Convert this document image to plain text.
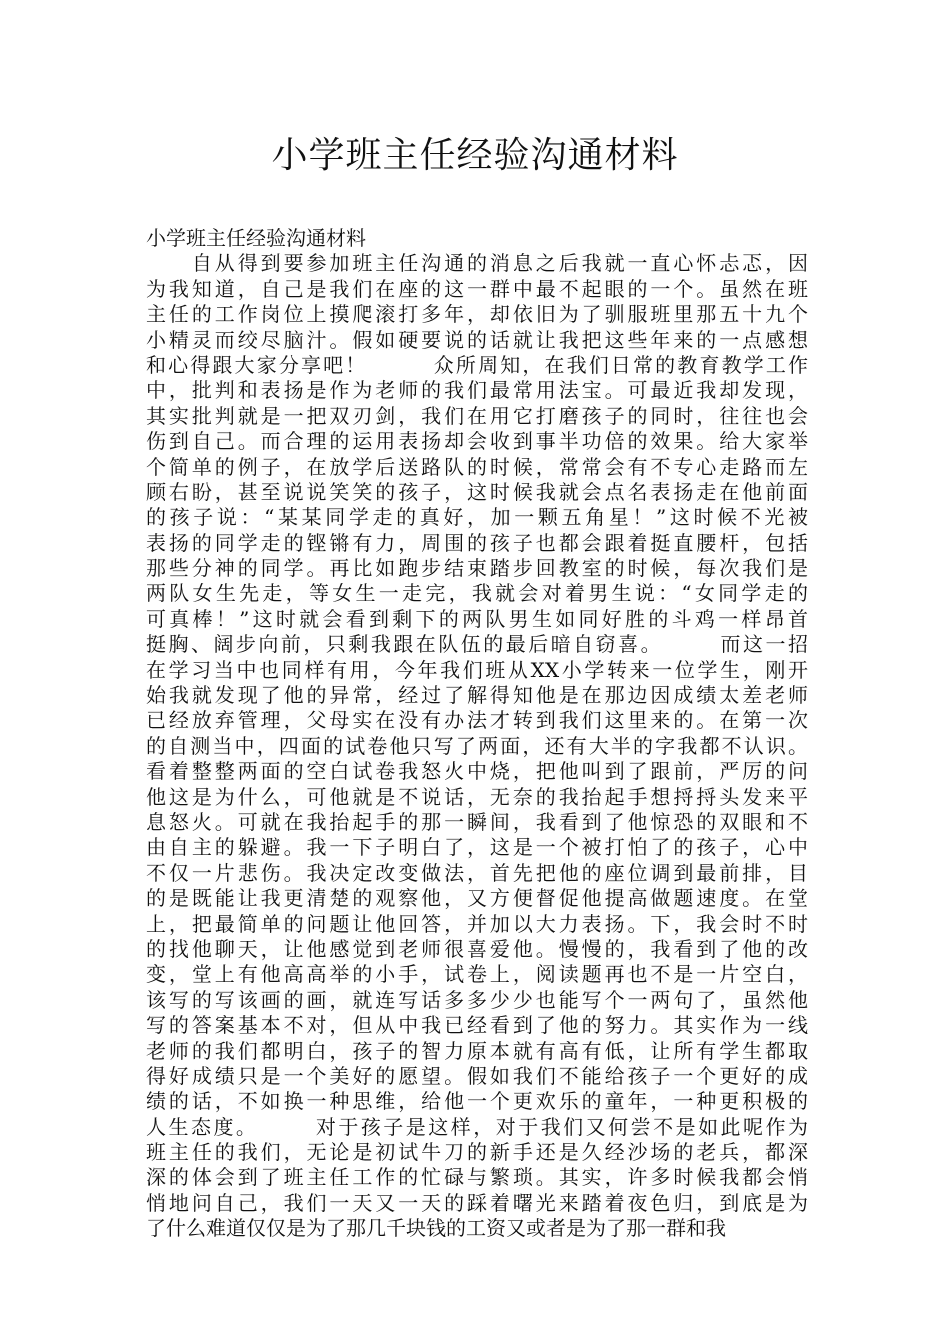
小学班主任经验沟通材料
小学班主任经验沟通材料
　　自从得到要参加班主任沟通的消息之后我就一直心怀忐忑，因
为我知道，自己是我们在座的这一群中最不起眼的一个。虽然在班
主任的工作岗位上摸爬滚打多年，却依旧为了驯服班里那五十九个
小精灵而绞尽脑汁。假如硬要说的话就让我把这些年来的一点感想
和心得跟大家分享吧！　　　众所周知，在我们日常的教育教学工作
中，批判和表扬是作为老师的我们最常用法宝。可最近我却发现，
其实批判就是一把双刃剑，我们在用它打磨孩子的同时，往往也会
伤到自己。而合理的运用表扬却会收到事半功倍的效果。给大家举
个简单的例子，在放学后送路队的时候，常常会有不专心走路而左
顾右盼，甚至说说笑笑的孩子，这时候我就会点名表扬走在他前面
的孩子说：“某某同学走的真好，加一颗五角星！”这时候不光被
表扬的同学走的铿锵有力，周围的孩子也都会跟着挺直腰杆，包括
那些分神的同学。再比如跑步结束踏步回教室的时候，每次我们是
两队女生先走，等女生一走完，我就会对着男生说：“女同学走的
可真棒！”这时就会看到剩下的两队男生如同好胜的斗鸡一样昂首
挺胸、阔步向前，只剩我跟在队伍的最后暗自窃喜。　　　而这一招
在学习当中也同样有用，今年我们班从XX小学转来一位学生，刚开
始我就发现了他的异常，经过了解得知他是在那边因成绩太差老师
已经放弃管理，父母实在没有办法才转到我们这里来的。在第一次
的自测当中，四面的试卷他只写了两面，还有大半的字我都不认识。
看着整整两面的空白试卷我怒火中烧，把他叫到了跟前，严厉的问
他这是为什么，可他就是不说话，无奈的我抬起手想捋捋头发来平
息怒火。可就在我抬起手的那一瞬间，我看到了他惊恐的双眼和不
由自主的躲避。我一下子明白了，这是一个被打怕了的孩子，心中
不仅一片悲伤。我决定改变做法，首先把他的座位调到最前排，目
的是既能让我更清楚的观察他，又方便督促他提高做题速度。在堂
上，把最简单的问题让他回答，并加以大力表扬。下，我会时不时
的找他聊天，让他感觉到老师很喜爱他。慢慢的，我看到了他的改
变，堂上有他高高举的小手，试卷上，阅读题再也不是一片空白，
该写的写该画的画，就连写话多多少少也能写个一两句了，虽然他
写的答案基本不对，但从中我已经看到了他的努力。其实作为一线
老师的我们都明白，孩子的智力原本就有高有低，让所有学生都取
得好成绩只是一个美好的愿望。假如我们不能给孩子一个更好的成
绩的话，不如换一种思维，给他一个更欢乐的童年，一种更积极的
人生态度。　　　对于孩子是这样，对于我们又何尝不是如此呢作为
班主任的我们，无论是初试牛刀的新手还是久经沙场的老兵，都深
深的体会到了班主任工作的忙碌与繁琐。其实，许多时候我都会悄
悄地问自己，我们一天又一天的踩着曙光来踏着夜色归，到底是为
了什么难道仅仅是为了那几千块钱的工资又或者是为了那一群和我
